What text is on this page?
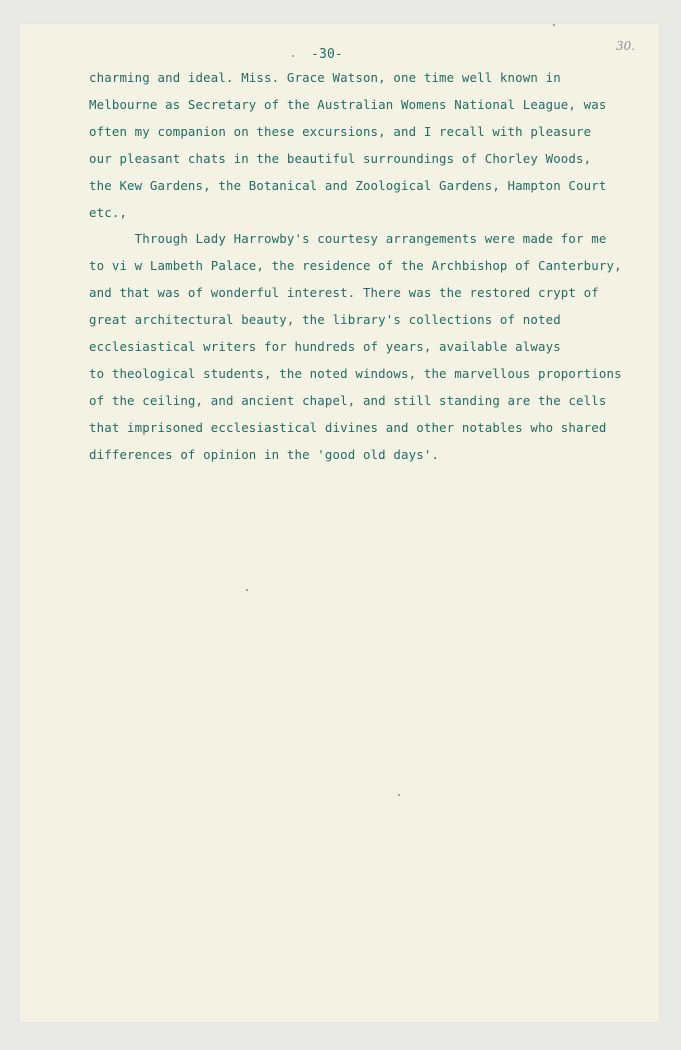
-30-
30.

charming and ideal. Miss. Grace Watson, one time well known in
Melbourne as Secretary of the Australian Womens National League, was
often my companion on these excursions, and I recall with pleasure
our pleasant chats in the beautiful surroundings of Chorley Woods,
the Kew Gardens, the Botanical and Zoological Gardens, Hampton Court
etc.,

Through Lady Harrowby's courtesy arrangements were made for me
to vi w Lambeth Palace, the residence of the Archbishop of Canterbury,
and that was of wonderful interest. There was the restored crypt of
great architectural beauty, the library's collections of noted
ecclesiastical writers for hundreds of years, available always
to theological students, the noted windows, the marvellous proportions
of the ceiling, and ancient chapel, and still standing are the cells
that imprisoned ecclesiastical divines and other notables who shared
differences of opinion in the 'good old days'.
